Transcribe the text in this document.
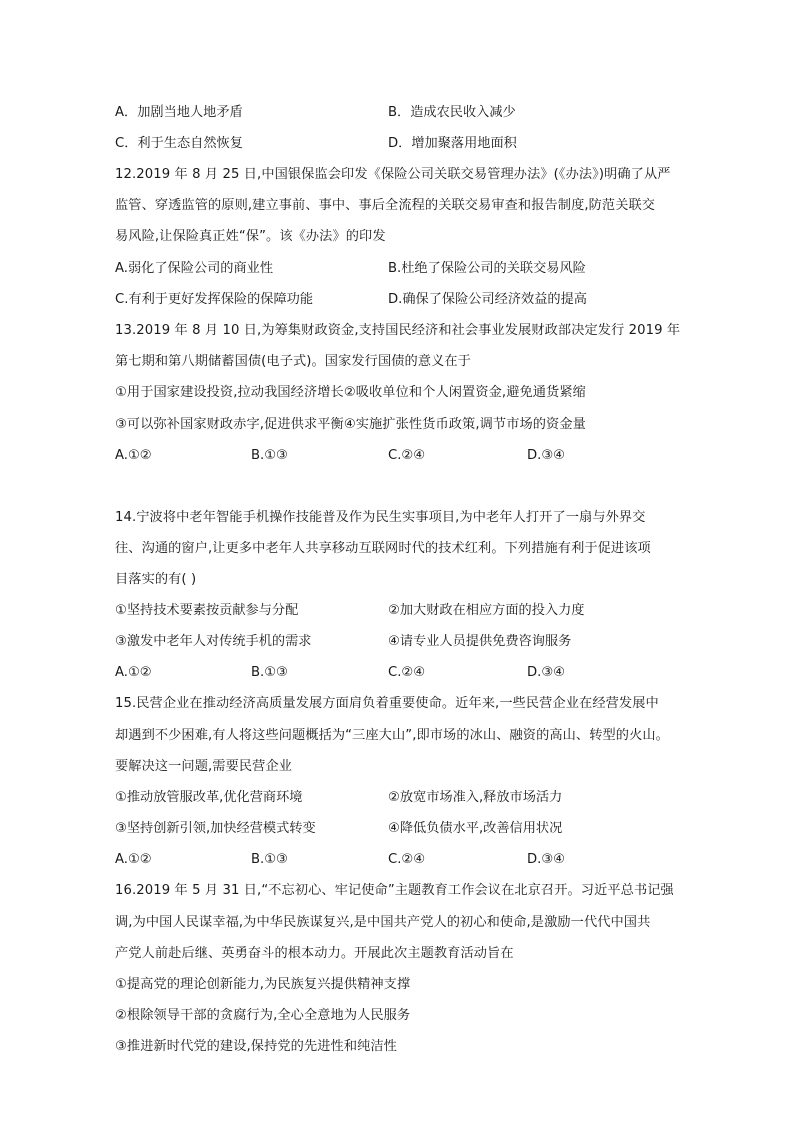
A．加剧当地人地矛盾	B．造成农民收入减少
C．利于生态自然恢复	D．增加聚落用地面积
12.2019 年 8 月 25 日,中国银保监会印发《保险公司关联交易管理办法》(《办法》)明确了从严
监管、穿透监管的原则,建立事前、事中、事后全流程的关联交易审查和报告制度,防范关联交
易风险,让保险真正姓“保”。该《办法》的印发
A.弱化了保险公司的商业性	B.杜绝了保险公司的关联交易风险
C.有利于更好发挥保险的保障功能	D.确保了保险公司经济效益的提高
13.2019 年 8 月 10 日,为筹集财政资金,支持国民经济和社会事业发展财政部决定发行 2019 年
第七期和第八期储蓄国债(电子式)。国家发行国债的意义在于
①用于国家建设投资,拉动我国经济增长②吸收单位和个人闲置资金,避免通货紧缩
③可以弥补国家财政赤字,促进供求平衡④实施扩张性货币政策,调节市场的资金量
A.①②	B.①③	C.②④	D.③④
14.宁波将中老年智能手机操作技能普及作为民生实事项目,为中老年人打开了一扇与外界交
往、沟通的窗户,让更多中老年人共享移动互联网时代的技术红利。下列措施有利于促进该项
目落实的有( )
①坚持技术要素按贡献参与分配	②加大财政在相应方面的投入力度
③激发中老年人对传统手机的需求	④请专业人员提供免费咨询服务
A.①②	B.①③	C.②④	D.③④
15.民营企业在推动经济高质量发展方面肩负着重要使命。近年来,一些民营企业在经营发展中
却遇到不少困难,有人将这些问题概括为“三座大山”,即市场的冰山、融资的高山、转型的火山。
要解决这一问题,需要民营企业
①推动放管服改革,优化营商环境	②放宽市场准入,释放市场活力
③坚持创新引领,加快经营模式转变	④降低负债水平,改善信用状况
A.①②	B.①③	C.②④	D.③④
16.2019 年 5 月 31 日,“不忘初心、牢记使命”主题教育工作会议在北京召开。习近平总书记强
调,为中国人民谋幸福,为中华民族谋复兴,是中国共产党人的初心和使命,是激励一代代中国共
产党人前赴后继、英勇奋斗的根本动力。开展此次主题教育活动旨在
①提高党的理论创新能力,为民族复兴提供精神支撑
②根除领导干部的贪腐行为,全心全意地为人民服务
③推进新时代党的建设,保持党的先进性和纯洁性
